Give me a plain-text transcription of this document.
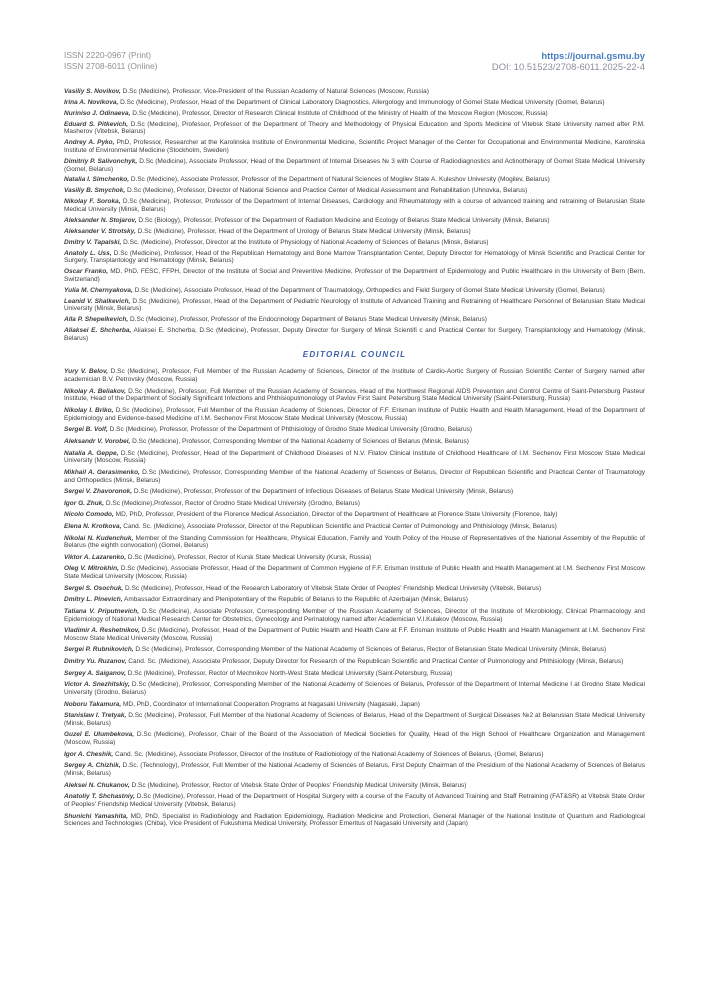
ISSN 2220-0967 (Print)
ISSN 2708-6011 (Online)
https://journal.gsmu.by
DOI: 10.51523/2708-6011.2025-22-4

Vasiliy S. Novikov, D.Sc (Medicine), Professor, Vice-President of the Russian Academy of Natural Sciences (Moscow, Russia)

Irina A. Novikova, D.Sc (Medicine), Professor, Head of the Department of Clinical Laboratory Diagnostics, Allergology and Immunology of Gomel State Medical University (Gomel, Belarus)

Nuriniso J. Odinaeva, D.Sc (Medicine), Professor, Director of Research Clinical Institute of Childhood of the Ministry of Health of the Moscow Region (Moscow, Russia)

Eduard S. Pitkevich, D.Sc (Medicine), Professor, Professor of the Department of Theory and Methodology of Physical Education and Sports Medicine of Vitebsk State University named after P.M. Masherov (Vitebsk, Belarus)

Andrey A. Pyko, PhD, Professor, Researcher at the Karolinska Institute of Environmental Medicine, Scientific Project Manager of the Center for Occupational and Environmental Medicine, Karolinska Institute of Environmental Medicine (Stockholm, Sweden)

Dimitriy P. Salivonchyk, D.Sc (Medicine), Associate Professor, Head of the Department of Internal Diseases № 3 with Course of Radiodiagnostics and Actinotherapy of Gomel State Medical University (Gomel, Belarus)

Natalia I. Simchenko, D.Sc (Medicine), Associate Professor, Professor of the Department of Natural Sciences of Mogilev State A. Kuleshov University (Mogilev, Belarus)

Vasiliy B. Smychok, D.Sc (Medicine), Professor, Director of National Science and Practice Center of Medical Assessment and Rehabilitation (Uhnovka, Belarus)

Nikolay F. Soroka, D.Sc (Medicine), Professor, Professor of the Department of Internal Diseases, Cardiology and Rheumatology with a course of advanced training and retraining of Belarusian State Medical University (Minsk, Belarus)

Aleksander N. Stojarov, D.Sc (Biology), Professor, Professor of the Department of Radiation Medicine and Ecology of Belarus State Medical University (Minsk, Belarus)

Aleksander V. Strotsky, D.Sc (Medicine), Professor, Head of the Department of Urology of Belarus State Medical University (Minsk, Belarus)

Dmitry V. Tapalski, D.Sc. (Medicine), Professor, Director at the Institute of Physiology of National Academy of Sciences of Belarus (Minsk, Belarus)

Anatoly L. Uss, D.Sc (Medicine), Professor, Head of the Republican Hematology and Bone Marrow Transplantation Center, Deputy Director for Hematology of Minsk Scientific and Practical Center for Surgery, Transplantology and Hematology (Minsk, Belarus)

Oscar Franko, MD, PhD, FESC, FFPH, Director of the Institute of Social and Preventive Medicine, Professor of the Department of Epidemiology and Public Healthcare in the University of Bern (Bern, Switzerland)

Yulia M. Chernyakova, D.Sc (Medicine), Associate Professor, Head of the Department of Traumatology, Orthopedics and Field Surgery of Gomel State Medical University (Gomel, Belarus)

Leanid V. Shalkevich, D.Sc (Medicine), Professor, Head of the Department of Pediatric Neurology of Institute of Advanced Training and Retraining of Healthcare Personnel of Belarusian State Medical University (Minsk, Belarus)

Alla P. Shepelkevich, D.Sc (Medicine), Professor, Professor of the Endocrinology Department of Belarus State Medical University (Minsk, Belarus)

Aliaksei E. Shcherba, Aliaksei E. Shcherba, D.Sc (Medicine), Professor, Deputy Director for Surgery of Minsk Scientifi c and Practical Center for Surgery, Transplantology and Hematology (Minsk, Belarus)

EDITORIAL COUNCIL

Yury V. Belov, D.Sc (Medicine), Professor, Full Member of the Russian Academy of Sciences, Director of the Institute of Cardio-Aortic Surgery of Russian Scientific Center of Surgery named after academician B.V. Petrovsky (Moscow, Russia)

Nikolay A. Beliakov, D.Sc (Medicine), Professor, Full Member of the Russian Academy of Sciences, Head of the Northwest Regional AIDS Prevention and Control Centre of Saint-Petersburg Pasteur Institute, Head of the Department of Socially Significant Infections and Phthisiopulmonology of Pavlov First Saint Petersburg State Medical University (Saint-Petersburg, Russia)

Nikolay I. Briko, D.Sc (Medicine), Professor, Full Member of the Russian Academy of Sciences, Director of F.F. Erisman Institute of Public Health and Health Management, Head of the Department of Epidemiology and Evidence-based Medicine of I.M. Sechenov First Moscow State Medical University (Moscow, Russia)

Sergei B. Volf, D.Sc (Medicine), Professor, Professor of the Department of Phthisiology of Grodno State Medical University (Grodno, Belarus)

Aleksandr V. Vorobei, D.Sc (Medicine), Professor, Corresponding Member of the National Academy of Sciences of Belarus (Minsk, Belarus)

Natalia A. Geppe, D.Sc (Medicine), Professor, Head of the Department of Childhood Diseases of N.V. Filatov Clinical Institute of Childhood Healthcare of I.M. Sechenov First Moscow State Medical University (Moscow, Russia)

Mikhail A. Gerasimenko, D.Sc (Medicine), Professor, Corresponding Member of the National Academy of Sciences of Belarus, Director of Republican Scientific and Practical Center of Traumatology and Orthopedics (Minsk, Belarus)

Sergei V. Zhavoronok, D.Sc (Medicine), Professor, Professor of the Department of Infectious Diseases of Belarus State Medical University (Minsk, Belarus)

Igor G. Zhuk, D.Sc (Medicine),Professor, Rector of Grodno State Medical University (Grodno, Belarus)

Nicolo Comodo, MD, PhD, Professor, President of the Florence Medical Association, Director of the Department of Healthcare at Florence State University (Florence, Italy)

Elena N. Krotkova, Cand. Sc. (Medicine), Associate Professor, Director of the Republican Scientific and Practical Center of Pulmonology and Phthisiology (Minsk, Belarus)

Nikolai N. Kudenchuk, Member of the Standing Commission for Healthcare, Physical Education, Family and Youth Policy of the House of Representatives of the National Assembly of the Republic of Belarus (the eighth convocation) (Gomel, Belarus)

Viktor A. Lazarenko, D.Sc (Medicine), Professor, Rector of Kursk State Medical University (Kursk, Russia)

Oleg V. Mitrokhin, D.Sc (Medicine), Associate Professor, Head of the Department of Common Hygiene of F.F. Erisman Institute of Public Health and Health Management at I.M. Sechenov First Moscow State Medical University (Moscow, Russia)

Sergei S. Osochuk, D.Sc (Medicine), Professor, Head of the Research Laboratory of Vitebsk State Order of Peoples' Friendship Medical University (Vitebsk, Belarus)

Dmitry L. Pinevich, Ambassador Extraordinary and Plenipotentiary of the Republic of Belarus to the Republic of Azerbaijan (Minsk, Belarus)

Tatiana V. Priputnevich, D.Sc (Medicine), Associate Professor, Corresponding Member of the Russian Academy of Sciences, Director of the Institute of Microbiology, Clinical Pharmacology and Epidemiology of National Medical Research Center for Obstetrics, Gynecology and Perinatology named after Academician V.I.Kulakov (Moscow, Russia)

Vladimir A. Reshetnikov, D.Sc (Medicine), Professor, Head of the Department of Public Health and Health Care at F.F. Erisman Institute of Public Health and Health Management at I.M. Sechenov First Moscow State Medical University (Moscow, Russia)

Sergei P. Rubnikovich, D.Sc (Medicine), Professor, Corresponding Member of the National Academy of Sciences of Belarus, Rector of Belarusian State Medical University (Minsk, Belarus)

Dmitry Yu. Ruzanov, Cand. Sc. (Medicine), Associate Professor, Deputy Director for Research of the Republican Scientific and Practical Center of Pulmonology and Phthisiology (Minsk, Belarus)

Sergey A. Saiganov, D.Sc (Medicine), Professor, Rector of Mechnikov North-West State Medical University (Saint-Petersburg, Russia)

Victor A. Snezhitskiy, D.Sc (Medicine), Professor, Corresponding Member of the National Academy of Sciences of Belarus, Professor of the Department of Internal Medicine I at Grodno State Medical University (Grodno, Belarus)

Noboru Takamura, MD, PhD, Coordinator of International Cooperation Programs at Nagasaki University (Nagasaki, Japan)

Stanislaw I. Tretyak, D.Sc (Medicine), Professor, Full Member of the National Academy of Sciences of Belarus, Head of the Department of Surgical Diseases №2 at Belarusian State Medical University (Minsk, Belarus)

Guzel E. Ulumbekova, D.Sc (Medicine), Professor, Chair of the Board of the Association of Medical Societies for Quality, Head of the High School of Healthcare Organization and Management (Moscow, Russia)

Igor A. Cheshik, Cand. Sc. (Medicine), Associate Professor, Director of the Institute of Radiobiology of the National Academy of Sciences of Belarus, (Gomel, Belarus)

Sergey A. Chizhik, D.Sc. (Technology), Professor, Full Member of the National Academy of Sciences of Belarus, First Deputy Chairman of the Presidium of the National Academy of Sciences of Belarus (Minsk, Belarus)

Aleksei N. Chukanov, D.Sc (Medicine), Professor, Rector of Vitebsk State Order of Peoples' Friendship Medical University (Minsk, Belarus)

Anatoliy T. Shchastniy, D.Sc (Medicine), Professor, Head of the Department of Hospital Surgery with a course of the Faculty of Advanced Training and Staff Retraining (FAT&SR) at Vitebsk State Order of Peoples' Friendship Medical University (Vitebsk, Belarus)

Shunichi Yamashita, MD, PhD, Specialist in Radiobiology and Radiation Epidemiology, Radiation Medicine and Protection, General Manager of the National Institute of Quantum and Radiological Sciences and Technologies (Chiba), Vice President of Fukushima Medical University, Professor Emeritus of Nagasaki University and (Japan)
